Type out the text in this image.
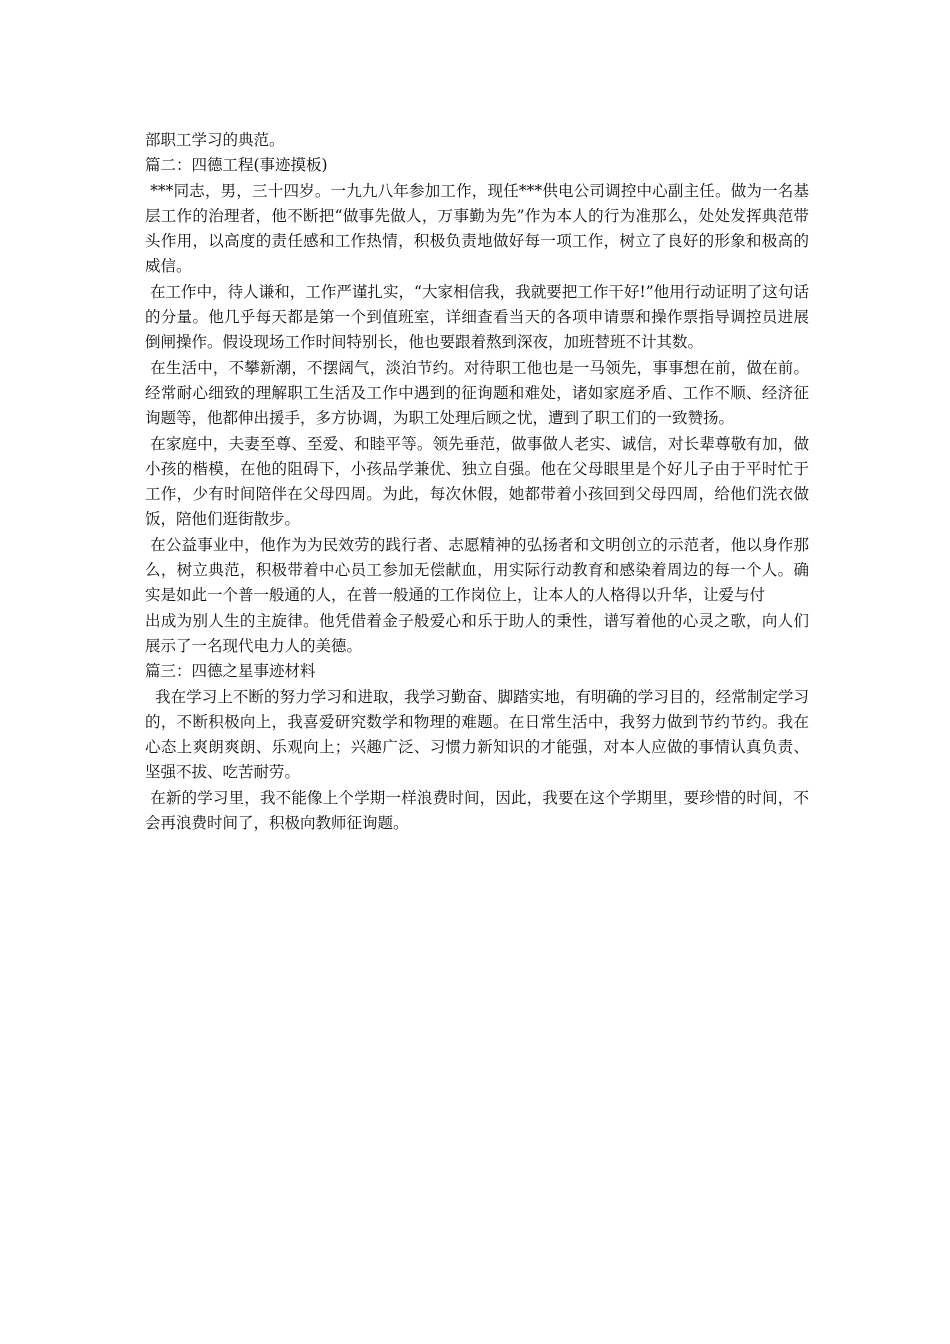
部职工学习的典范。

篇二：四德工程(事迹摸板)

***同志，男，三十四岁。一九九八年参加工作，现任***供电公司调控中心副主任。做为一名基层工作的治理者，他不断把“做事先做人，万事勤为先”作为本人的行为准那么，处处发挥典范带头作用，以高度的责任感和工作热情，积极负责地做好每一项工作，树立了良好的形象和极高的威信。

在工作中，待人谦和，工作严谨扎实，“大家相信我，我就要把工作干好!”他用行动证明了这句话的分量。他几乎每天都是第一个到值班室，详细查看当天的各项申请票和操作票指导调控员进展倒闸操作。假设现场工作时间特别长，他也要跟着熬到深夜，加班替班不计其数。

在生活中，不攀新潮，不摆阔气，淡泊节约。对待职工他也是一马领先，事事想在前，做在前。经常耐心细致的理解职工生活及工作中遇到的征询题和难处，诸如家庭矛盾、工作不顺、经济征询题等，他都伸出援手，多方协调，为职工处理后顾之忧，遭到了职工们的一致赞扬。

在家庭中，夫妻至尊、至爱、和睦平等。领先垂范，做事做人老实、诚信，对长辈尊敬有加，做小孩的楷模，在他的阻碍下，小孩品学兼优、独立自强。他在父母眼里是个好儿子由于平时忙于工作，少有时间陪伴在父母四周。为此，每次休假，她都带着小孩回到父母四周，给他们洗衣做饭，陪他们逛街散步。

在公益事业中，他作为为民效劳的践行者、志愿精神的弘扬者和文明创立的示范者，他以身作那么，树立典范，积极带着中心员工参加无偿献血，用实际行动教育和感染着周边的每一个人。确实是如此一个普一般通的人，在普一般通的工作岗位上，让本人的人格得以升华，让爱与付

出成为别人生的主旋律。他凭借着金子般爱心和乐于助人的秉性，谱写着他的心灵之歌，向人们展示了一名现代电力人的美德。

篇三：四德之星事迹材料

我在学习上不断的努力学习和进取，我学习勤奋、脚踏实地，有明确的学习目的，经常制定学习的，不断积极向上，我喜爱研究数学和物理的难题。在日常生活中，我努力做到节约节约。我在心态上爽朗爽朗、乐观向上；兴趣广泛、习惯力新知识的才能强，对本人应做的事情认真负责、坚强不拔、吃苦耐劳。

在新的学习里，我不能像上个学期一样浪费时间，因此，我要在这个学期里，要珍惜的时间，不会再浪费时间了，积极向教师征询题。
